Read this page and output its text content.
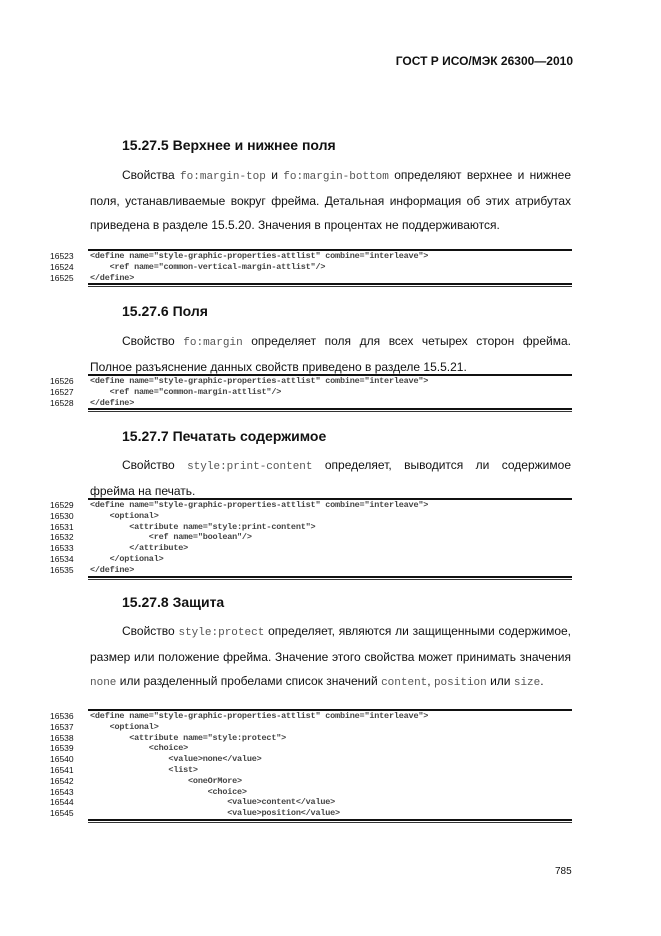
ГОСТ Р ИСО/МЭК 26300—2010
15.27.5 Верхнее и нижнее поля

Свойства fo:margin-top и fo:margin-bottom определяют верхнее и нижнее поля, устанавливаемые вокруг фрейма. Детальная информация об этих атрибутах приведена в разделе 15.5.20. Значения в процентах не поддерживаются.

16523	<define name="style-graphic-properties-attlist" combine="interleave">
16524	<ref name="common-vertical-margin-attlist"/>
16525	</define>
15.27.6 Поля

Свойство fo:margin определяет поля для всех четырех сторон фрейма. Полное разъяснение данных свойств приведено в разделе 15.5.21.

16526	<define name="style-graphic-properties-attlist" combine="interleave">
16527	<ref name="common-margin-attlist"/>
16528	</define>
15.27.7 Печатать содержимое

Свойство style:print-content определяет, выводится ли содержимое фрейма на печать.

16529	<define name="style-graphic-properties-attlist" combine="interleave">
16530	<optional>
16531	<attribute name="style:print-content">
16532	<ref name="boolean"/>
16533	</attribute>
16534	</optional>
16535	</define>
15.27.8 Защита

Свойство style:protect определяет, являются ли защищенными содержимое, размер или положение фрейма. Значение этого свойства может принимать значения none или разделенный пробелами список значений content, position или size.

16536	<define name="style-graphic-properties-attlist" combine="interleave">
16537	<optional>
16538	<attribute name="style:protect">
16539	<choice>
16540	<value>none</value>
16541	<list>
16542	<oneOrMore>
16543	<choice>
16544	<value>content</value>
16545	<value>position</value>
785
